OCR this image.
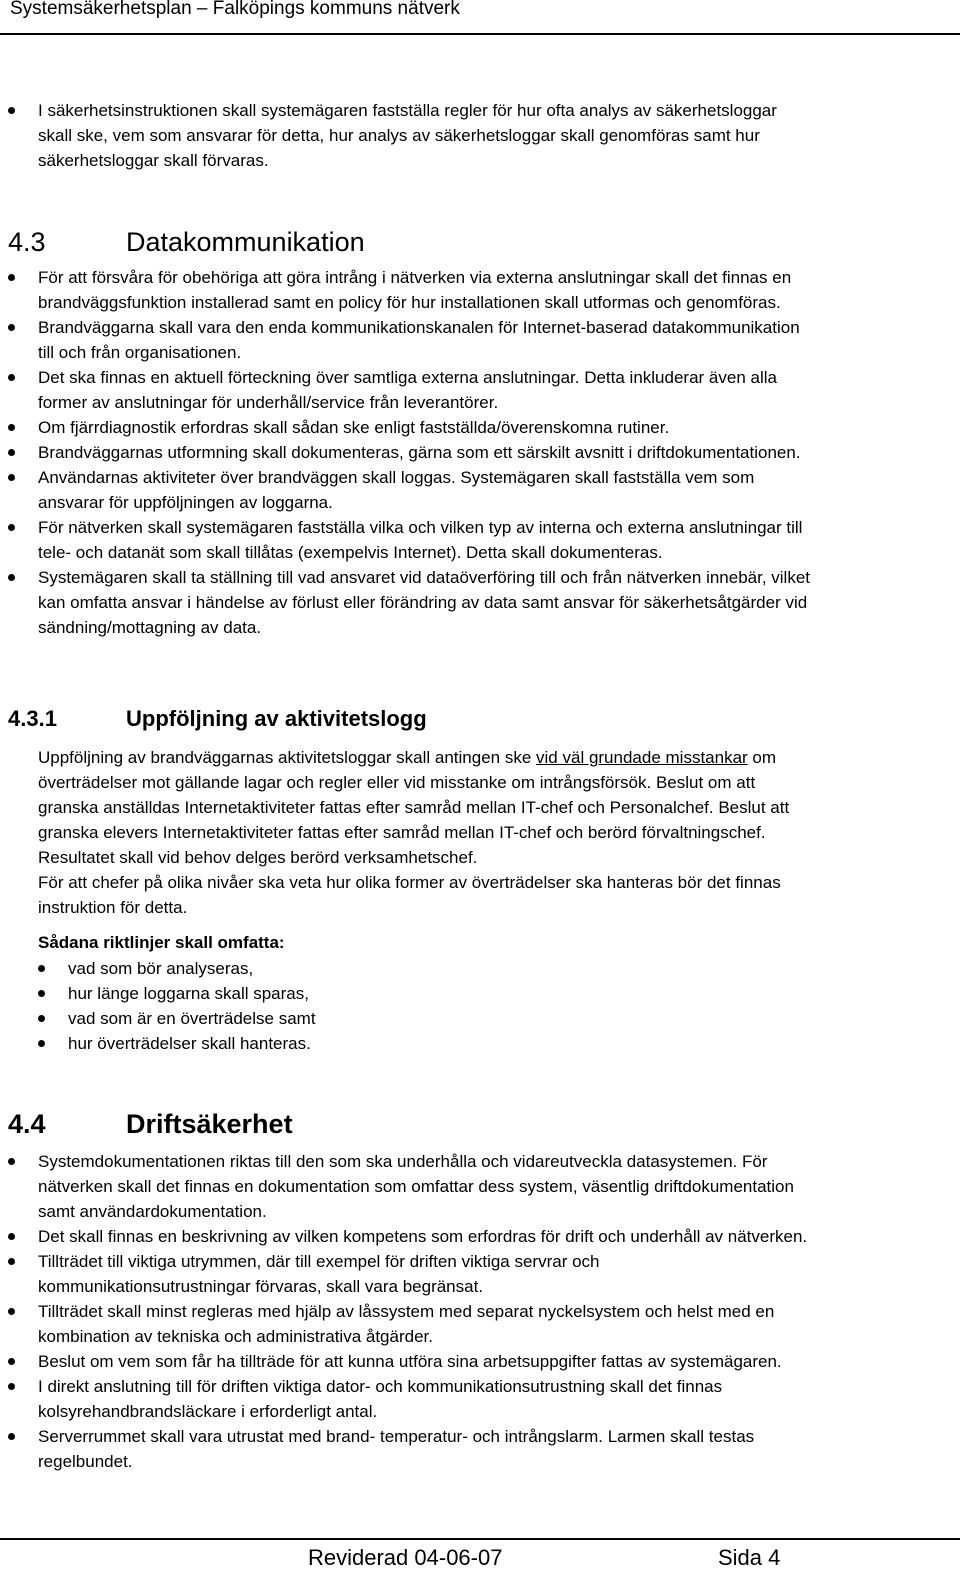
Systemsäkerhetsplan – Falköpings kommuns nätverk
I säkerhetsinstruktionen skall systemägaren fastställa regler för hur ofta analys av säkerhetsloggar
skall ske, vem som ansvarar för detta, hur analys av säkerhetsloggar skall genomföras samt hur
säkerhetsloggar skall förvaras.
4.3	Datakommunikation
För att försvåra för obehöriga att göra intrång i nätverken via externa anslutningar skall det finnas en
brandväggsfunktion installerad samt en policy för hur installationen skall utformas och genomföras.
Brandväggarna skall vara den enda kommunikationskanalen för Internet-baserad datakommunikation
till och från organisationen.
Det ska finnas en aktuell förteckning över samtliga externa anslutningar. Detta inkluderar även alla
former av anslutningar för underhåll/service från leverantörer.
Om fjärrdiagnostik erfordras skall sådan ske enligt fastställda/överenskomna rutiner.
Brandväggarnas utformning skall dokumenteras, gärna som ett särskilt avsnitt i driftdokumentationen.
Användarnas aktiviteter över brandväggen skall loggas. Systemägaren skall fastställa vem som
ansvarar för uppföljningen av loggarna.
För nätverken skall systemägaren fastställa vilka och vilken typ av interna och externa anslutningar till
tele- och datanät som skall tillåtas (exempelvis Internet). Detta skall dokumenteras.
Systemägaren skall ta ställning till vad ansvaret vid dataöverföring till och från nätverken innebär, vilket
kan omfatta ansvar i händelse av förlust eller förändring av data samt ansvar för säkerhetsåtgärder vid
sändning/mottagning av data.
4.3.1	Uppföljning av aktivitetslogg
Uppföljning av brandväggarnas aktivitetsloggar skall antingen ske vid väl grundade misstankar om
överträdelser mot gällande lagar och regler eller vid misstanke om intrångsförsök. Beslut om att
granska anställdas Internetaktiviteter fattas efter samråd mellan IT-chef och Personalchef. Beslut att
granska elevers Internetaktiviteter fattas efter samråd mellan IT-chef och berörd förvaltningschef.
Resultatet skall vid behov delges berörd verksamhetschef.
För att chefer på olika nivåer ska veta hur olika former av överträdelser ska hanteras bör det finnas
instruktion för detta.
Sådana riktlinjer skall omfatta:
vad som bör analyseras,
hur länge loggarna skall sparas,
vad som är en överträdelse samt
hur överträdelser skall hanteras.
4.4	Driftsäkerhet
Systemdokumentationen riktas till den som ska underhålla och vidareutveckla datasystemen. För
nätverken skall det finnas en dokumentation som omfattar dess system, väsentlig driftdokumentation
samt användardokumentation.
Det skall finnas en beskrivning av vilken kompetens som erfordras för drift och underhåll av nätverken.
Tillträdet till viktiga utrymmen, där till exempel för driften viktiga servrar och
kommunikationsutrustningar förvaras, skall vara begränsat.
Tillträdet skall minst regleras med hjälp av låssystem med separat nyckelsystem och helst med en
kombination av tekniska och administrativa åtgärder.
Beslut om vem som får ha tillträde för att kunna utföra sina arbetsuppgifter fattas av systemägaren.
I direkt anslutning till för driften viktiga dator- och kommunikationsutrustning skall det finnas
kolsyrehandbrandsläckare i erforderligt antal.
Serverrummet skall vara utrustat med brand- temperatur- och intrångslarm. Larmen skall testas
regelbundet.
Reviderad 04-06-07	Sida 4
